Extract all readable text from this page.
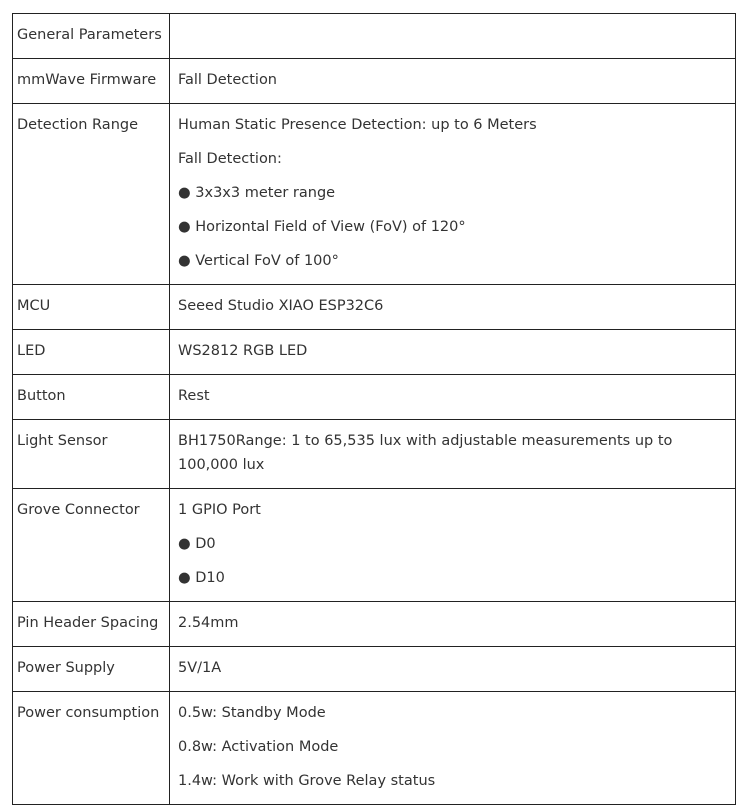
General Parameters	

mmWave Firmware	Fall Detection

Detection Range	Human Static Presence Detection: up to 6 Meters
Fall Detection:
● 3x3x3 meter range
● Horizontal Field of View (FoV) of 120°
● Vertical FoV of 100°

MCU	Seeed Studio XIAO ESP32C6

LED	WS2812 RGB LED

Button	Rest

Light Sensor	BH1750Range: 1 to 65,535 lux with adjustable measurements up to 100,000 lux

Grove Connector	1 GPIO Port
● D0
● D10

Pin Header Spacing	2.54mm

Power Supply	5V/1A

Power consumption	0.5w: Standby Mode
0.8w: Activation Mode
1.4w: Work with Grove Relay status
